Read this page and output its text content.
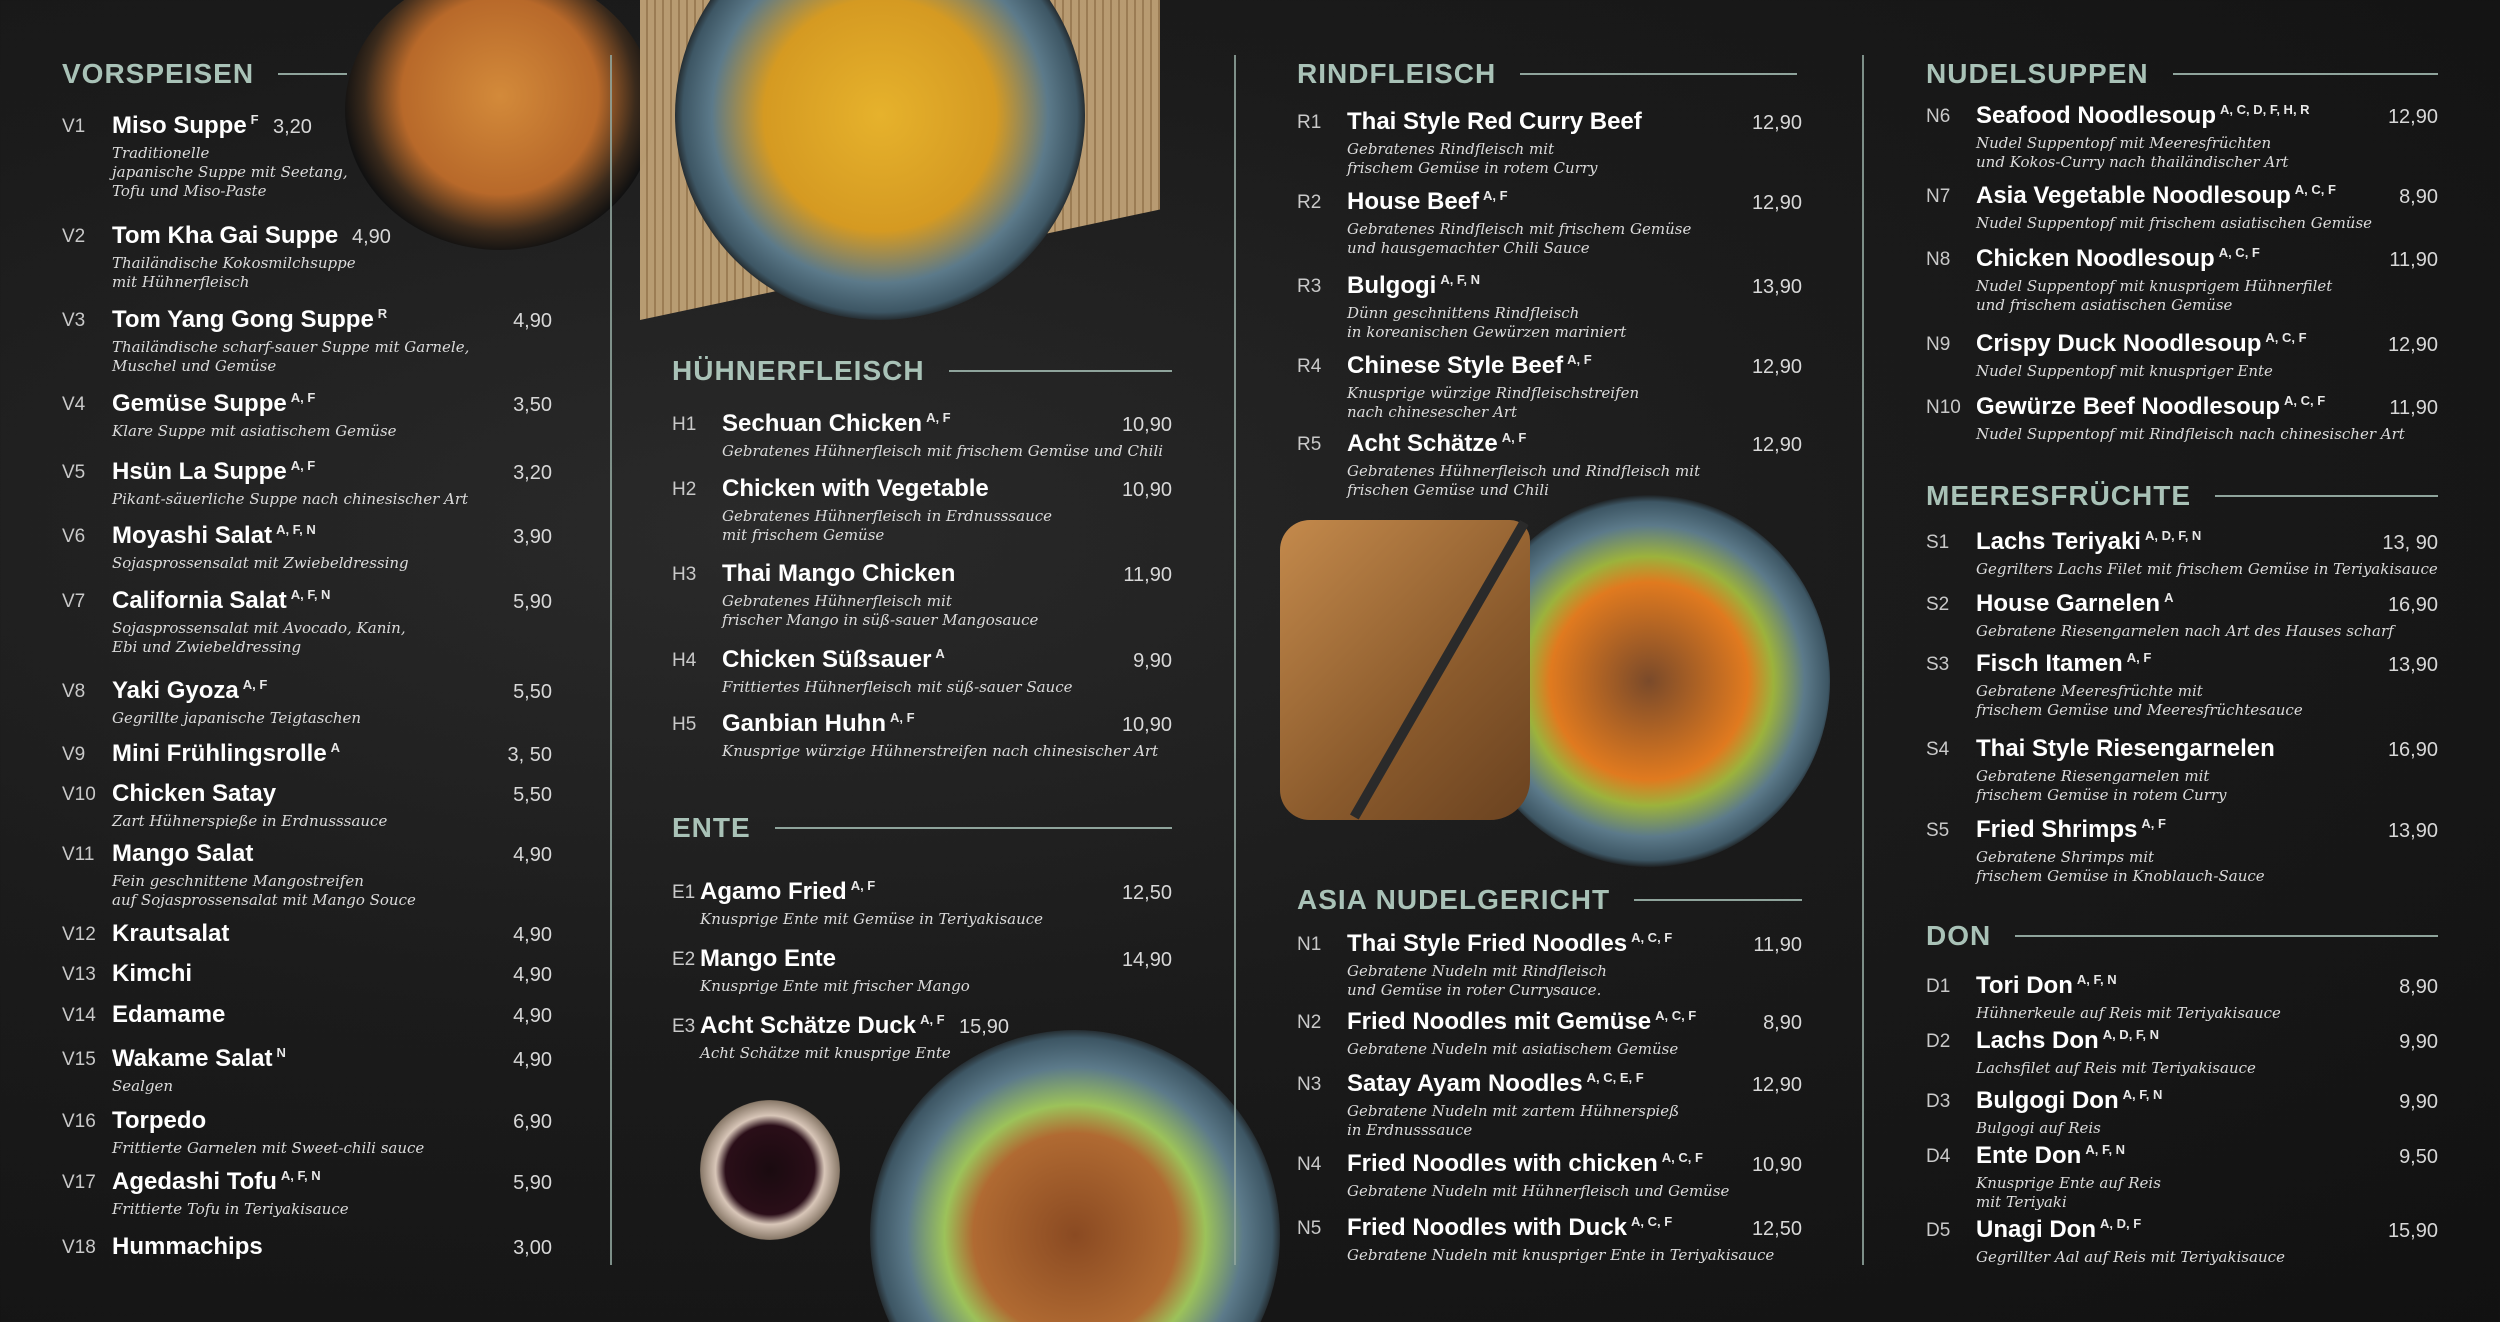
VORSPEISEN
V1 Miso Suppe $^F$ 3,20
Traditionelle
japanische Suppe mit Seetang,
Tofu und Miso-Paste
V2 Tom Kha Gai Suppe 4,90
Thailändische Kokosmilchsuppe
mit Hühnerfleisch
V3 Tom Yang Gong Suppe $^R$	4,90
Thailändische scharf-sauer Suppe mit Garnele,
Muschel und Gemüse
V4 Gemüse Suppe $^{A, F}$	3,50
Klare Suppe mit asiatischem Gemüse
V5 Hsün La Suppe $^{A, F}$	3,20
Pikant-säuerliche Suppe nach chinesischer Art
V6 Moyashi Salat $^{A, F, N}$	3,90
Sojasprossensalat mit Zwiebeldressing
V7 California Salat $^{A, F, N}$	5,90
Sojasprossensalat mit Avocado, Kanin,
Ebi und Zwiebeldressing
V8 Yaki Gyoza $^{A, F}$	5,50
Gegrillte japanische Teigtaschen
V9 Mini Frühlingsrolle $^A$	3, 50
V10 Chicken Satay	5,50
Zart Hühnerspieße in Erdnusssauce
V11 Mango Salat	4,90
Fein geschnittene Mangostreifen
auf Sojasprossensalat mit Mango Souce
V12 Krautsalat	4,90
V13 Kimchi	4,90
V14 Edamame	4,90
V15 Wakame Salat $^N$	4,90
Sealgen
V16 Torpedo	6,90
Frittierte Garnelen mit Sweet-chili sauce
V17 Agedashi Tofu $^{A, F, N}$	5,90
Frittierte Tofu in Teriyakisauce
V18 Hummachips	3,00
HÜHNERFLEISCH
H1 Sechuan Chicken $^{A, F}$	10,90
Gebratenes Hühnerfleisch mit frischem Gemüse und Chili
H2 Chicken with Vegetable	10,90
Gebratenes Hühnerfleisch in Erdnusssauce
mit frischem Gemüse
H3 Thai Mango Chicken	11,90
Gebratenes Hühnerfleisch mit
frischer Mango in süß-sauer Mangosauce
H4 Chicken Süßsauer $^A$	9,90
Frittiertes Hühnerfleisch mit süß-sauer Sauce
H5 Ganbian Huhn $^{A, F}$	10,90
Knusprige würzige Hühnerstreifen nach chinesischer Art
ENTE
E1 Agamo Fried $^{A, F}$	12,50
Knusprige Ente mit Gemüse in Teriyakisauce
E2 Mango Ente	14,90
Knusprige Ente mit frischer Mango
E3 Acht Schätze Duck $^{A, F}$ 15,90
Acht Schätze mit knusprige Ente
RINDFLEISCH
R1 Thai Style Red Curry Beef	12,90
Gebratenes Rindfleisch mit
frischem Gemüse in rotem Curry
R2 House Beef $^{A, F}$	12,90
Gebratenes Rindfleisch mit frischem Gemüse
und hausgemachter Chili Sauce
R3 Bulgogi $^{A, F, N}$	13,90
Dünn geschnittens Rindfleisch
in koreanischen Gewürzen mariniert
R4 Chinese Style Beef $^{A, F}$	12,90
Knusprige würzige Rindfleischstreifen
nach chinesescher Art
R5 Acht Schätze $^{A, F}$	12,90
Gebratenes Hühnerfleisch und Rindfleisch mit
frischen Gemüse und Chili
ASIA NUDELGERICHT
N1 Thai Style Fried Noodles $^{A, C, F}$	11,90
Gebratene Nudeln mit Rindfleisch
und Gemüse in roter Currysauce.
N2 Fried Noodles mit Gemüse $^{A, C, F}$	8,90
Gebratene Nudeln mit asiatischem Gemüse
N3 Satay Ayam Noodles $^{A, C, E, F}$	12,90
Gebratene Nudeln mit zartem Hühnerspieß
in Erdnusssauce
N4 Fried Noodles with chicken $^{A, C, F}$ 10,90
Gebratene Nudeln mit Hühnerfleisch und Gemüse
N5 Fried Noodles with Duck $^{A, C, F}$	12,50
Gebratene Nudeln mit knuspriger Ente in Teriyakisauce
NUDELSUPPEN
N6 Seafood Noodlesoup $^{A, C, D, F, H, R}$	12,90
Nudel Suppentopf mit Meeresfrüchten
und Kokos-Curry nach thailändischer Art
N7 Asia Vegetable Noodlesoup $^{A, C, F}$	8,90
Nudel Suppentopf mit frischem asiatischen Gemüse
N8 Chicken Noodlesoup $^{A, C, F}$	11,90
Nudel Suppentopf mit knusprigem Hühnerfilet
und frischem asiatischen Gemüse
N9 Crispy Duck Noodlesoup $^{A, C, F}$	12,90
Nudel Suppentopf mit knuspriger Ente
N10 Gewürze Beef Noodlesoup $^{A, C, F}$	11,90
Nudel Suppentopf mit Rindfleisch nach chinesischer Art
MEERESFRÜCHTE
S1 Lachs Teriyaki $^{A, D, F, N}$	13, 90
Gegrilters Lachs Filet mit frischem Gemüse in Teriyakisauce
S2 House Garnelen $^A$	16,90
Gebratene Riesengarnelen nach Art des Hauses scharf
S3 Fisch Itamen $^{A, F}$	13,90
Gebratene Meeresfrüchte mit
frischem Gemüse und Meeresfrüchtesauce
S4 Thai Style Riesengarnelen	16,90
Gebratene Riesengarnelen mit
frischem Gemüse in rotem Curry
S5 Fried Shrimps $^{A, F}$	13,90
Gebratene Shrimps mit
frischem Gemüse in Knoblauch-Sauce
DON
D1 Tori Don $^{A, F, N}$	8,90
Hühnerkeule auf Reis mit Teriyakisauce
D2 Lachs Don $^{A, D, F, N}$	9,90
Lachsfilet auf Reis mit Teriyakisauce
D3 Bulgogi Don $^{A, F, N}$	9,90
Bulgogi auf Reis
D4 Ente Don $^{A, F, N}$	9,50
Knusprige Ente auf Reis
mit Teriyaki
D5 Unagi Don $^{A, D, F}$	15,90
Gegrillter Aal auf Reis mit Teriyakisauce
